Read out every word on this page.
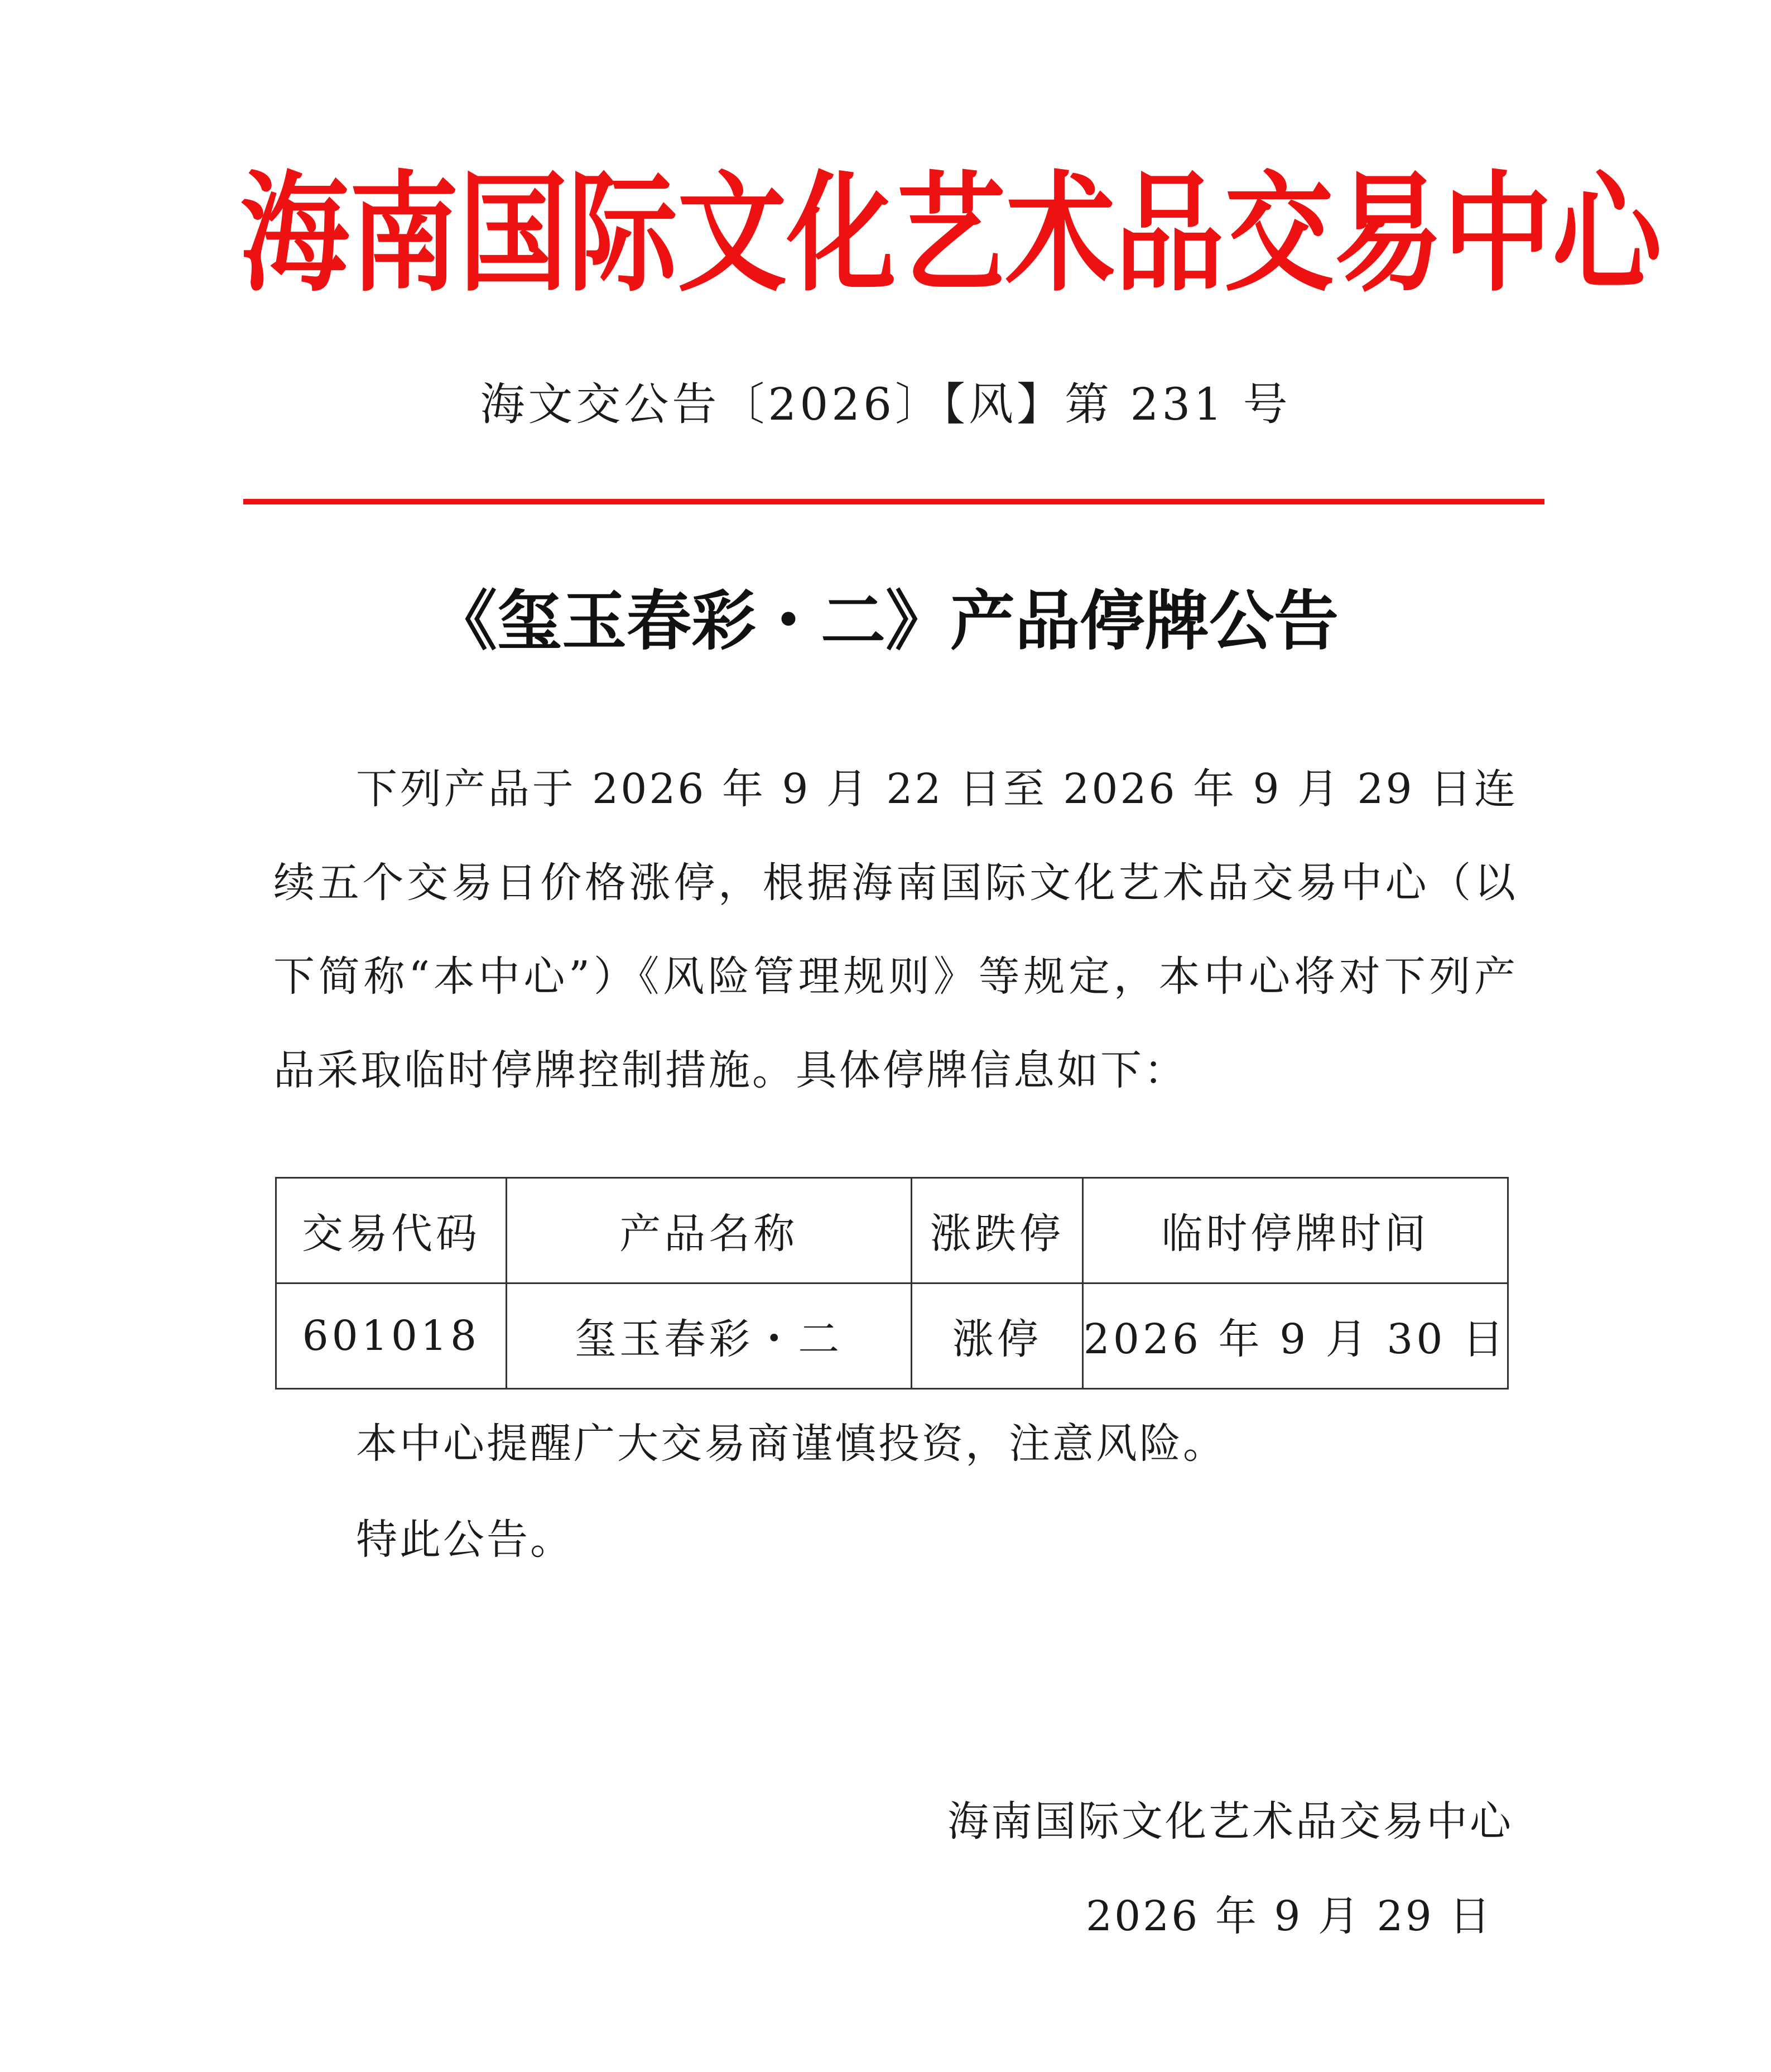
海 南 国 际 文 化 艺 术 品 交 易 中 心
海文交公告〔2026〕【风】第 231 号
《玺玉春彩・二》产品停牌公告

下列产品于 2026 年 9 月 22 日至 2026 年 9 月 29 日连续五个交易日价格涨停，根据海南国际文化艺术品交易中心（以下简称“本中心”）《风险管理规则》等规定，本中心将对下列产品采取临时停牌控制措施。具体停牌信息如下：

交易代码	产品名称	涨跌停	临时停牌时间
601018	玺玉春彩・二	涨停	2026 年 9 月 30 日

本中心提醒广大交易商谨慎投资，注意风险。

特此公告。

海南国际文化艺术品交易中心
2026 年 9 月 29 日
